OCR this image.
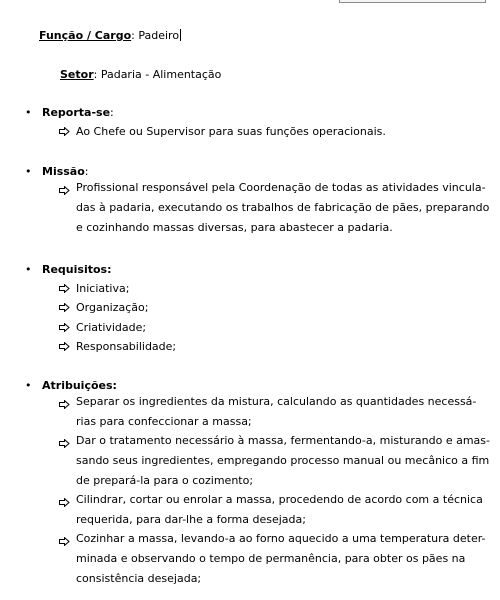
Função / Cargo: Padeiro
Setor: Padaria - Alimentação
• Reporta-se:
Ao Chefe ou Supervisor para suas funções operacionais.
• Missão:
Profissional responsável pela Coordenação de todas as atividades vincula-
das à padaria, executando os trabalhos de fabricação de pães, preparando
e cozinhando massas diversas, para abastecer a padaria.
• Requisitos:
Iniciativa;
Organização;
Criatividade;
Responsabilidade;
• Atribuições:
Separar os ingredientes da mistura, calculando as quantidades necessá-
rias para confeccionar a massa;
Dar o tratamento necessário à massa, fermentando-a, misturando e amas-
sando seus ingredientes, empregando processo manual ou mecânico a fim
de prepará-la para o cozimento;
Cilindrar, cortar ou enrolar a massa, procedendo de acordo com a técnica
requerida, para dar-lhe a forma desejada;
Cozinhar a massa, levando-a ao forno aquecido a uma temperatura deter-
minada e observando o tempo de permanência, para obter os pães na
consistência desejada;
